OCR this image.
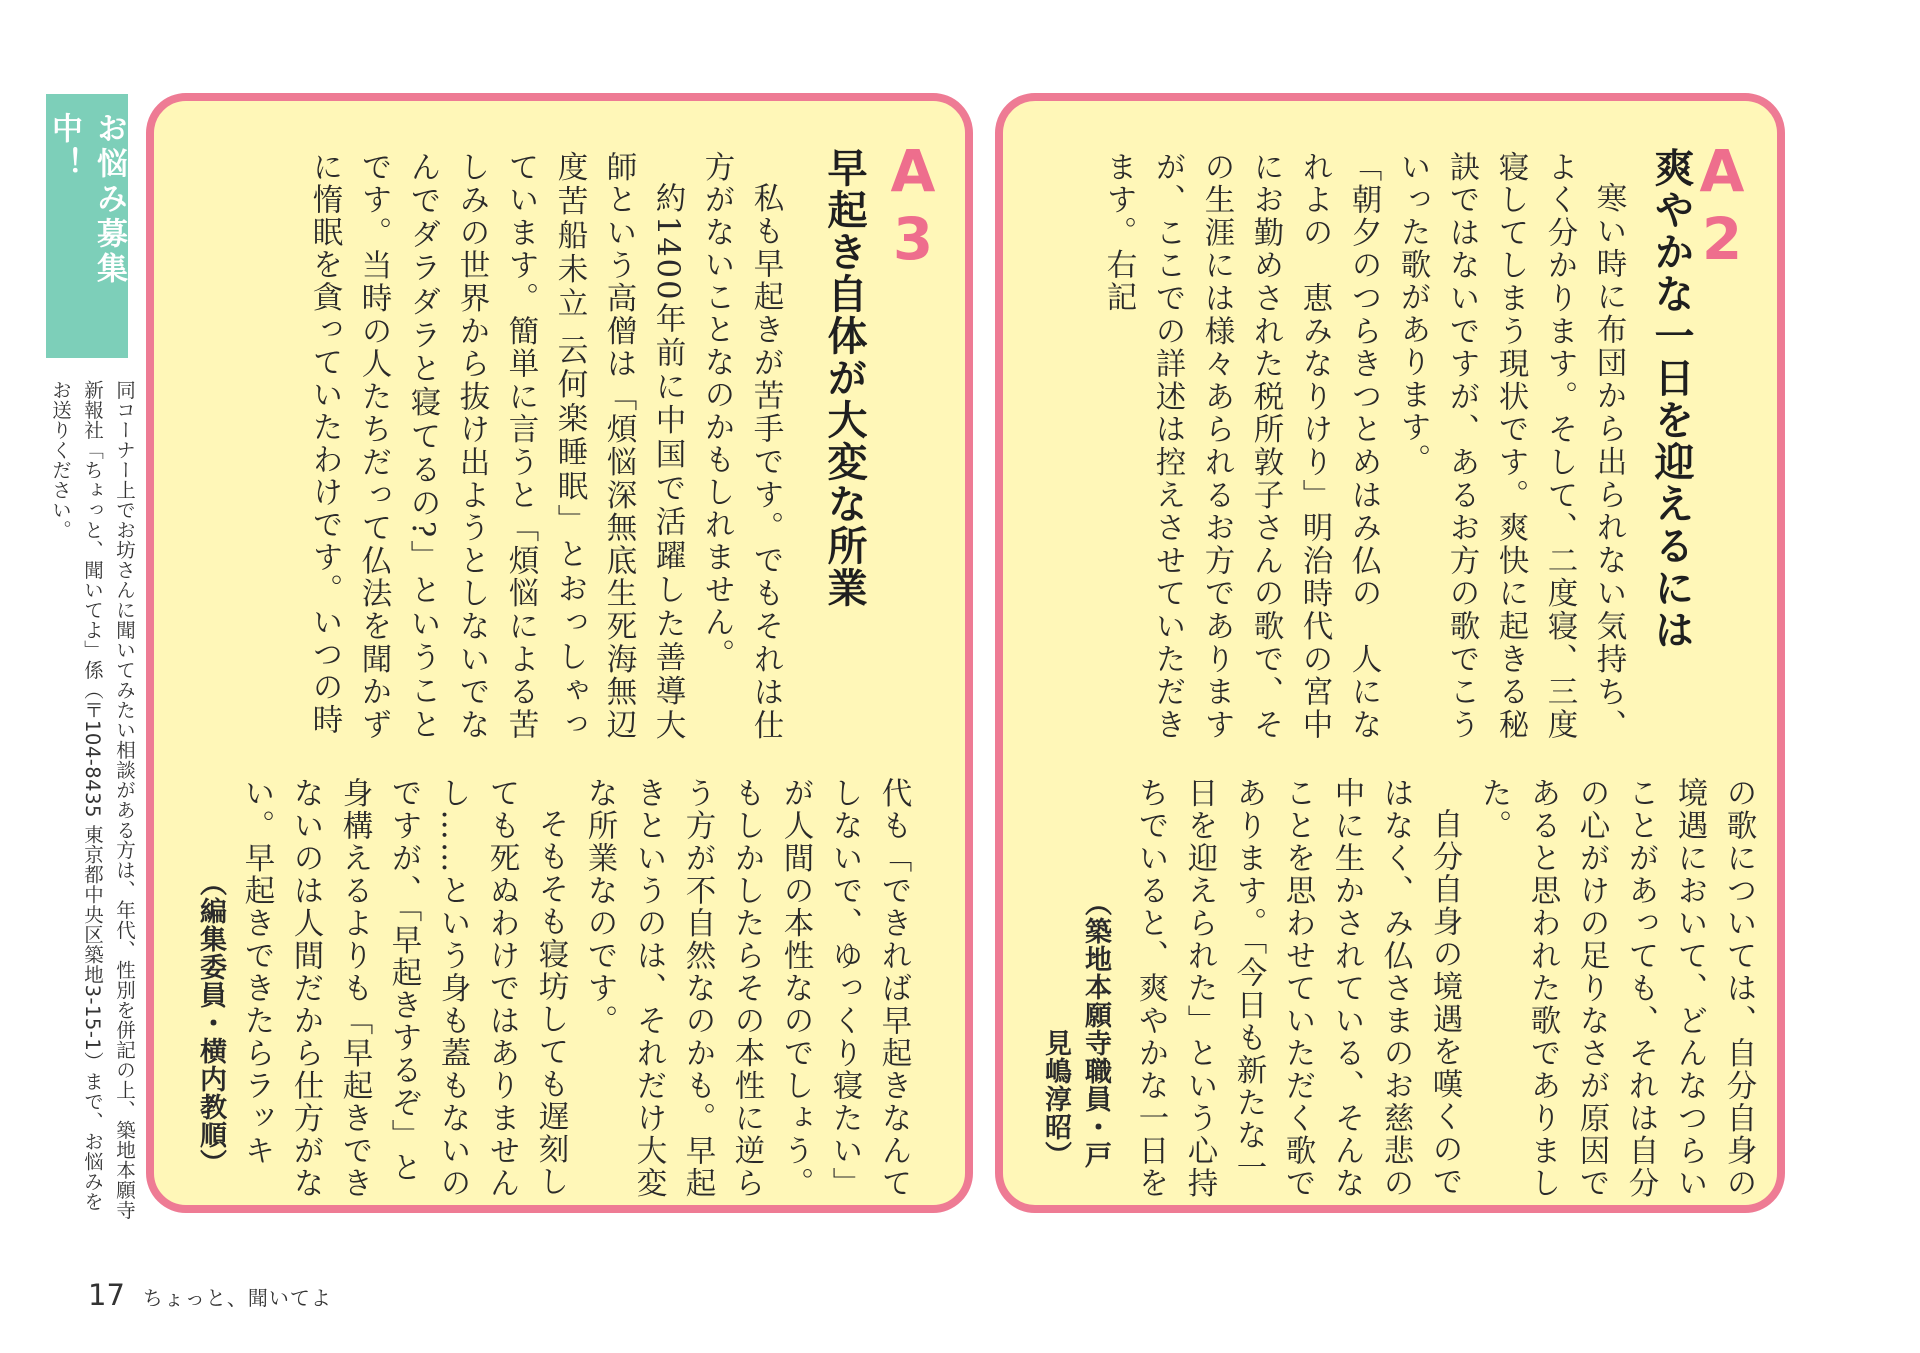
お悩み募集中！
同コーナー上でお坊さんに聞いてみたい相談がある方は、年代、性別を併記の上、築地本願寺新報社「ちょっと、聞いてよ」係（〒104-8435 東京都中央区築地3-15-1）まで、お悩みをお送りください。
A3
早起き自体が大変な所業

私も早起きが苦手です。でもそれは仕方がないことなのかもしれません。

約1400年前に中国で活躍した善導大師という高僧は「煩悩深無底生死海無辺 度苦船未立 云何楽睡眠」とおっしゃっています。簡単に言うと「煩悩による苦しみの世界から抜け出ようとしないでなんでダラダラと寝てるの?」ということです。当時の人たちだって仏法を聞かずに惰眠を貪っていたわけです。いつの時

代も「できれば早起きなんてしないで、ゆっくり寝たい」が人間の本性なのでしょう。もしかしたらその本性に逆らう方が不自然なのかも。早起きというのは、それだけ大変な所業なのです。

そもそも寝坊しても遅刻しても死ぬわけではありませんし……という身も蓋もないのですが、「早起きするぞ」と身構えるよりも「早起きできないのは人間だから仕方がない。早起きできたらラッキ

（編集委員・横内教順）
A2
爽やかな一日を迎えるには

寒い時に布団から出られない気持ち、よく分かります。そして、二度寝、三度寝してしまう現状です。爽快に起きる秘訣ではないですが、あるお方の歌でこういった歌があります。

「朝夕のつらきつとめはみ仏の　人になれよの　恵みなりけり」明治時代の宮中にお勤めされた税所敦子さんの歌で、その生涯には様々あられるお方でありますが、ここでの詳述は控えさせていただきます。右記

の歌については、自分自身の境遇において、どんなつらいことがあっても、それは自分の心がけの足りなさが原因であると思われた歌でありました。

自分自身の境遇を嘆くのではなく、み仏さまのお慈悲の中に生かされている、そんなことを思わせていただく歌であります。「今日も新たな一日を迎えられた」という心持ちでいると、爽やかな一日を

（築地本願寺職員・戸見嶋淳昭）
17 ちょっと、聞いてよ
